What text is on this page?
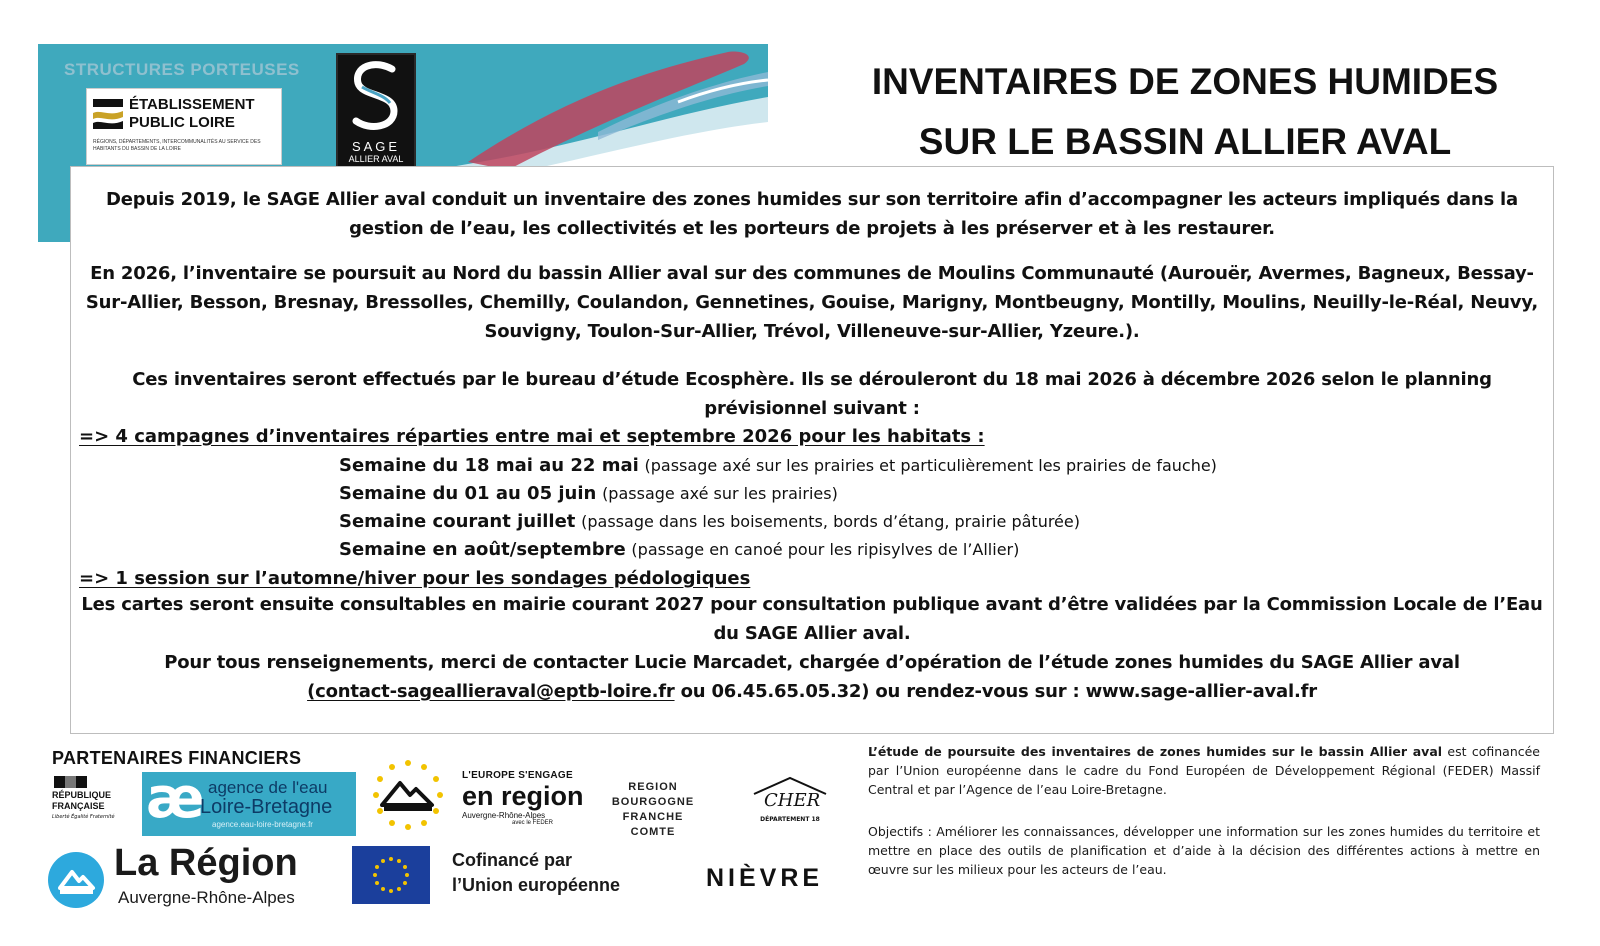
STRUCTURES PORTEUSES
ÉTABLISSEMENT
PUBLIC LOIRE
RÉGIONS, DÉPARTEMENTS, INTERCOMMUNALITÉS AU SERVICE DES HABITANTS DU BASSIN DE LA LOIRE	SAGE
ALLIER AVAL
INVENTAIRES DE ZONES HUMIDES
SUR LE BASSIN ALLIER AVAL
Depuis 2019, le SAGE Allier aval conduit un inventaire des zones humides sur son territoire afin d’accompagner les acteurs impliqués dans la gestion de l’eau, les collectivités et les porteurs de projets à les préserver et à les restaurer.
En 2026, l’inventaire se poursuit au Nord du bassin Allier aval sur des communes de Moulins Communauté (Aurouër, Avermes, Bagneux, Bessay-Sur-Allier, Besson, Bresnay, Bressolles, Chemilly, Coulandon, Gennetines, Gouise, Marigny, Montbeugny, Montilly, Moulins, Neuilly-le-Réal, Neuvy, Souvigny, Toulon-Sur-Allier, Trévol, Villeneuve-sur-Allier, Yzeure.).
Ces inventaires seront effectués par le bureau d’étude Ecosphère. Ils se dérouleront du 18 mai 2026 à décembre 2026 selon le planning prévisionnel suivant :
=> 4 campagnes d’inventaires réparties entre mai et septembre 2026 pour les habitats :
Semaine du 18 mai au 22 mai (passage axé sur les prairies et particulièrement les prairies de fauche)
Semaine du 01 au 05 juin (passage axé sur les prairies)
Semaine courant juillet (passage dans les boisements, bords d’étang, prairie pâturée)
Semaine en août/septembre (passage en canoé pour les ripisylves de l’Allier)
=> 1 session sur l’automne/hiver pour les sondages pédologiques
Les cartes seront ensuite consultables en mairie courant 2027 pour consultation publique avant d’être validées par la Commission Locale de l’Eau du SAGE Allier aval.
Pour tous renseignements, merci de contacter Lucie Marcadet, chargée d’opération de l’étude zones humides du SAGE Allier aval
(contact-sageallieraval@eptb-loire.fr ou 06.45.65.05.32) ou rendez-vous sur : www.sage-allier-aval.fr
PARTENAIRES FINANCIERS
RÉPUBLIQUE FRANÇAISE
Liberté Égalité Fraternité æ agence de l'eau
Loire-Bretagne
agence.eau-loire-bretagne.fr
L'EUROPE S'ENGAGE
en region
Auvergne-Rhône-Alpes
avec le FEDER
REGION BOURGOGNE FRANCHE COMTE
CHER
DÉPARTEMENT 18
La Région
Auvergne-Rhône-Alpes
Cofinancé par
l’Union européenne	NIÈVRE
L’étude de poursuite des inventaires de zones humides sur le bassin Allier aval est cofinancée par l’Union européenne dans le cadre du Fond Européen de Développement Régional (FEDER) Massif Central et par l’Agence de l’eau Loire-Bretagne.
Objectifs : Améliorer les connaissances, développer une information sur les zones humides du territoire et mettre en place des outils de planification et d’aide à la décision des différentes actions à mettre en œuvre sur les milieux pour les acteurs de l’eau.
